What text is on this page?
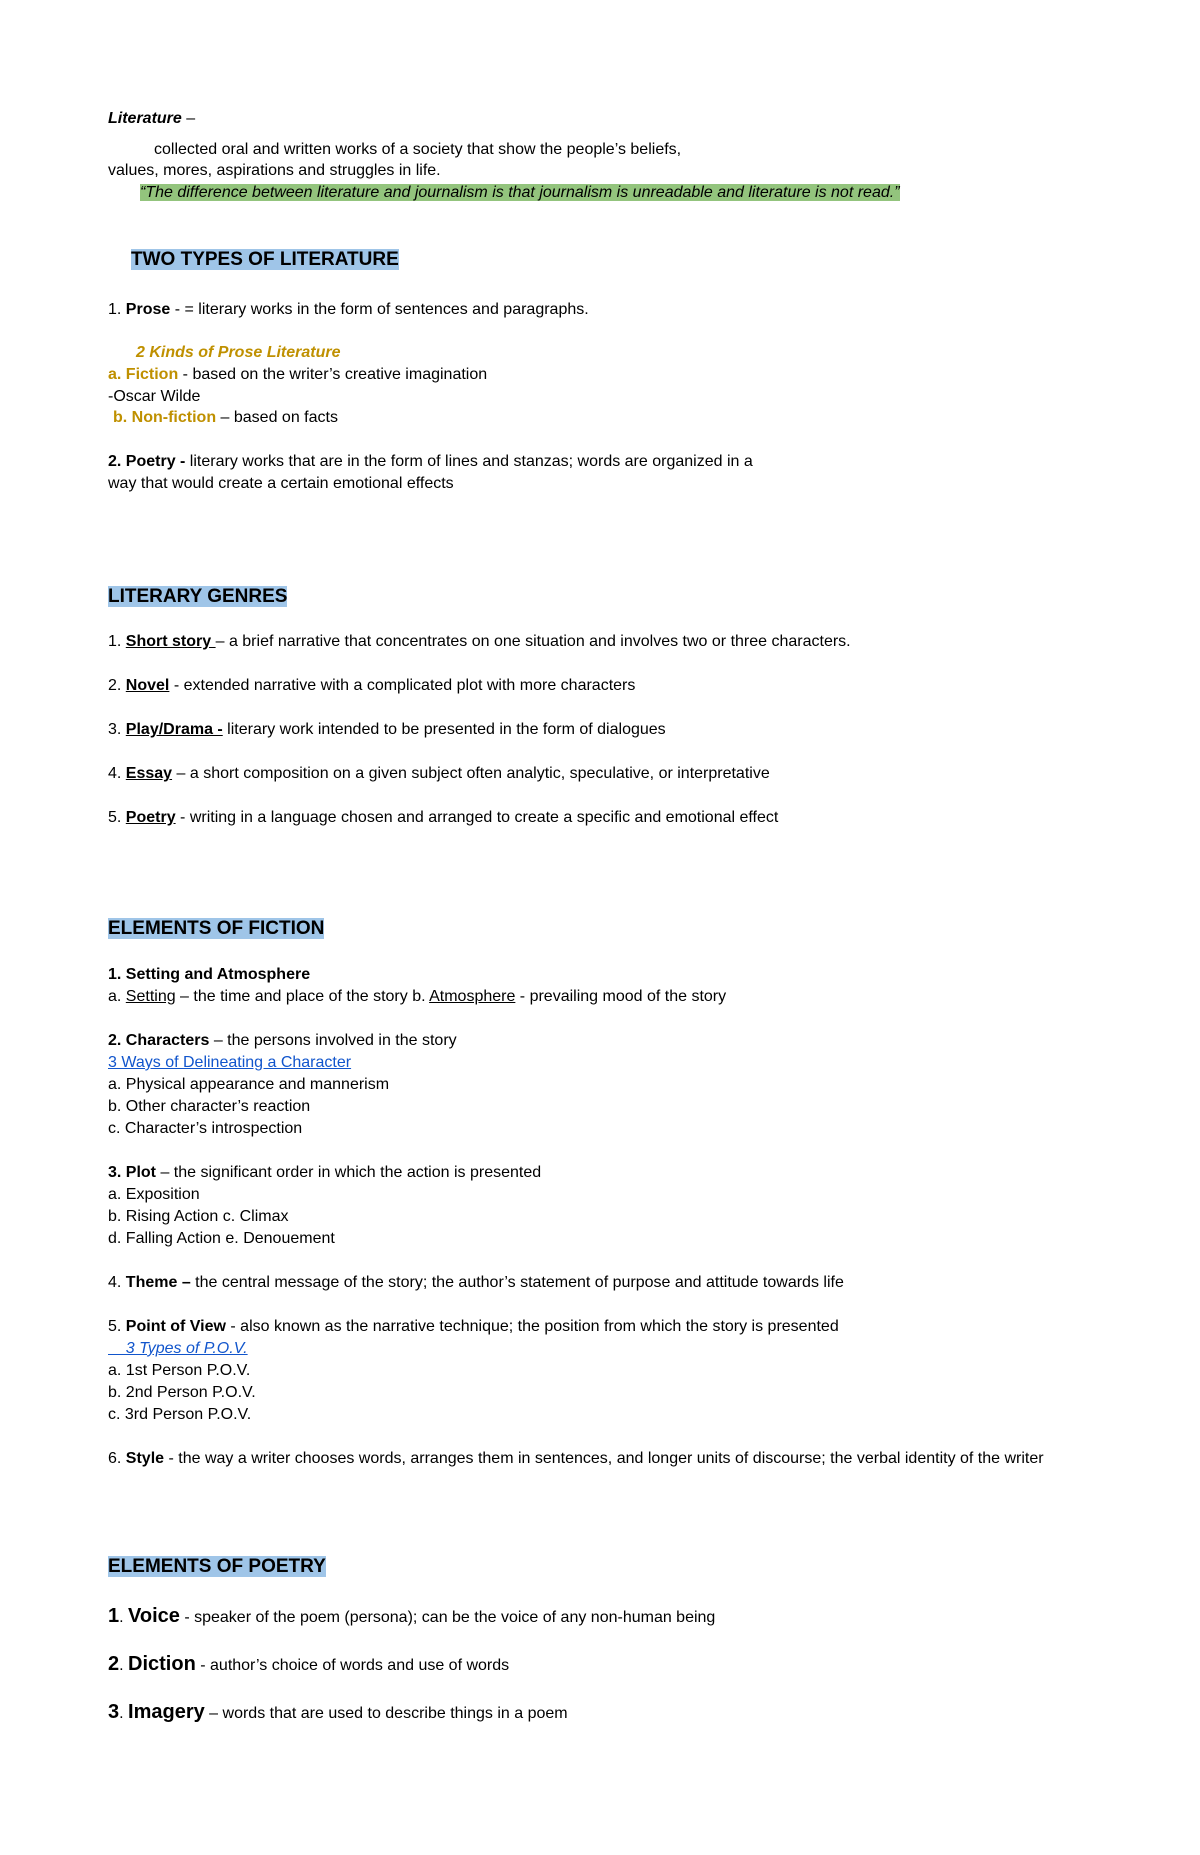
Literature –
collected oral and written works of a society that show the people’s beliefs,
values, mores, aspirations and struggles in life.
“The difference between literature and journalism is that journalism is unreadable and literature is not read.”
TWO TYPES OF LITERATURE
1. Prose - = literary works in the form of sentences and paragraphs.
2 Kinds of Prose Literature
a. Fiction - based on the writer’s creative imagination
-Oscar Wilde
b. Non-fiction – based on facts
2. Poetry - literary works that are in the form of lines and stanzas; words are organized in a
way that would create a certain emotional effects
LITERARY GENRES
1. Short story – a brief narrative that concentrates on one situation and involves two or three characters.
2. Novel - extended narrative with a complicated plot with more characters
3. Play/Drama - literary work intended to be presented in the form of dialogues
4. Essay – a short composition on a given subject often analytic, speculative, or interpretative
5. Poetry - writing in a language chosen and arranged to create a specific and emotional effect
ELEMENTS OF FICTION
1. Setting and Atmosphere
a. Setting – the time and place of the story b. Atmosphere - prevailing mood of the story
2. Characters – the persons involved in the story
3 Ways of Delineating a Character
a. Physical appearance and mannerism
b. Other character’s reaction
c. Character’s introspection
3. Plot – the significant order in which the action is presented
a. Exposition
b. Rising Action c. Climax
d. Falling Action e. Denouement
4. Theme – the central message of the story; the author’s statement of purpose and attitude towards life
5. Point of View - also known as the narrative technique; the position from which the story is presented
3 Types of P.O.V.
a. 1st Person P.O.V.
b. 2nd Person P.O.V.
c. 3rd Person P.O.V.
6. Style - the way a writer chooses words, arranges them in sentences, and longer units of discourse; the verbal identity of the writer
ELEMENTS OF POETRY
1. Voice - speaker of the poem (persona); can be the voice of any non-human being
2. Diction - author’s choice of words and use of words
3. Imagery – words that are used to describe things in a poem
